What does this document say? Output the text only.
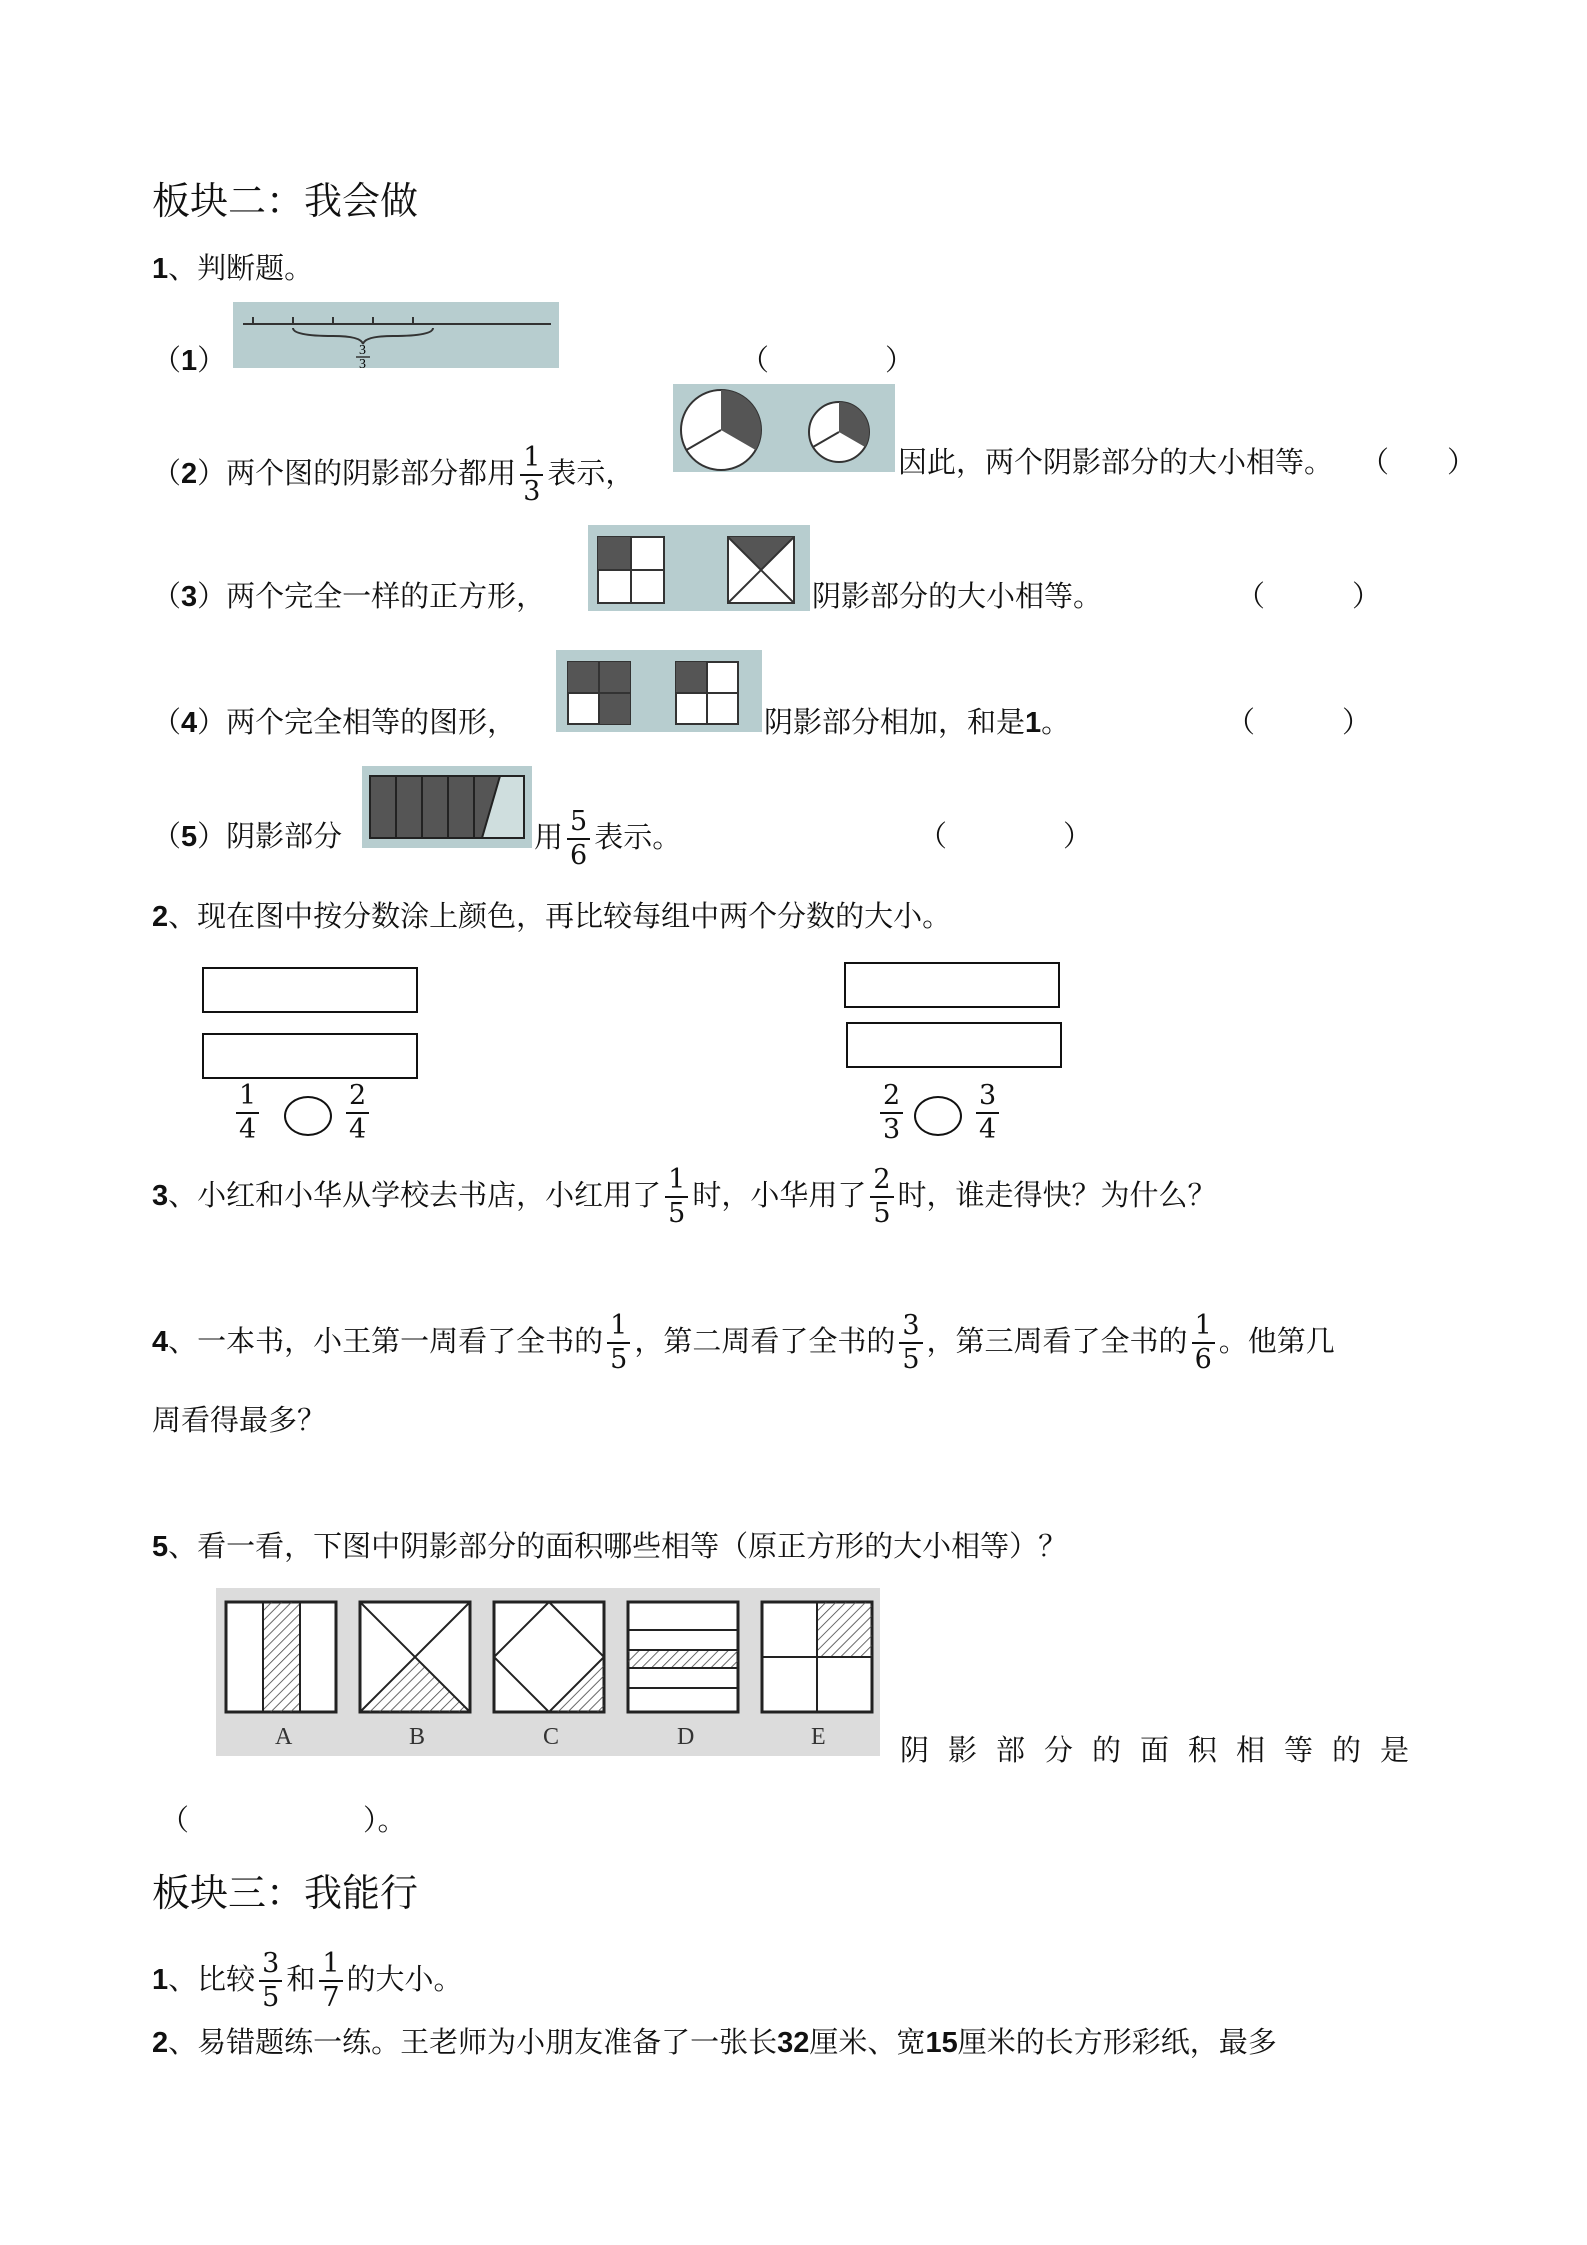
板块二：我会做
1、判断题。
（1）	3
3	（　　　　）
（2）两个图的阴影部分都用 $\frac{1}{3}$ 表示，	因此，两个阴影部分的大小相等。 （　　）
（3）两个完全一样的正方形，	阴影部分的大小相等。	（　　　）
（4）两个完全相等的图形，	阴影部分相加，和是1。	（　　　）
（5）阴影部分	用 $\frac{5}{6}$ 表示。	（　　　　）
2、现在图中按分数涂上颜色，再比较每组中两个分数的大小。
$\frac{1}{4}$	$\frac{2}{4}$	$\frac{2}{3}$	$\frac{3}{4}$
3、小红和小华从学校去书店，小红用了 $\frac{1}{5}$ 时，小华用了 $\frac{2}{5}$ 时，谁走得快？为什么？
4、一本书，小王第一周看了全书的 $\frac{1}{5}$ ，第二周看了全书的 $\frac{3}{5}$ ，第三周看了全书的 $\frac{1}{6}$ 。他第几
周看得最多？
5、看一看，下图中阴影部分的面积哪些相等（原正方形的大小相等）？
A	B	C	D	E	阴影部分的面积相等的是
（　　　　　　）。
板块三：我能行
1、比较 $\frac{3}{5}$ 和 $\frac{1}{7}$ 的大小。
2、易错题练一练。王老师为小朋友准备了一张长32厘米、宽15厘米的长方形彩纸，最多
